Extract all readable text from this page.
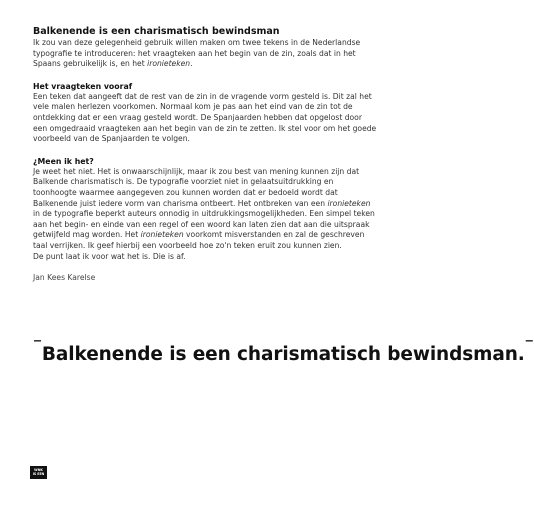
Balkenende is een charismatisch bewindsman

Ik zou van deze gelegenheid gebruik willen maken om twee tekens in de Nederlandse
typografie te introduceren: het vraagteken aan het begin van de zin, zoals dat in het
Spaans gebruikelijk is, en het ironieteken.

Het vraagteken vooraf

Een teken dat aangeeft dat de rest van de zin in de vragende vorm gesteld is. Dit zal het
vele malen herlezen voorkomen. Normaal kom je pas aan het eind van de zin tot de
ontdekking dat er een vraag gesteld wordt. De Spanjaarden hebben dat opgelost door
een omgedraaid vraagteken aan het begin van de zin te zetten. Ik stel voor om het goede
voorbeeld van de Spanjaarden te volgen.

¿Meen ik het?

Je weet het niet. Het is onwaarschijnlijk, maar ik zou best van mening kunnen zijn dat
Balkende charismatisch is. De typografie voorziet niet in gelaatsuitdrukking en
toonhoogte waarmee aangegeven zou kunnen worden dat er bedoeld wordt dat
Balkenende juist iedere vorm van charisma ontbeert. Het ontbreken van een ironieteken
in de typografie beperkt auteurs onnodig in uitdrukkingsmogelijkheden. Een simpel teken
aan het begin- en einde van een regel of een woord kan laten zien dat aan die uitspraak
getwijfeld mag worden. Het ironieteken voorkomt misverstanden en zal de geschreven
taal verrijken. Ik geef hierbij een voorbeeld hoe zo'n teken eruit zou kunnen zien.
De punt laat ik voor wat het is. Die is af.

Jan Kees Karelse

‾Balkenende is een charismatisch bewindsman.‾
WNK
IS EEN
